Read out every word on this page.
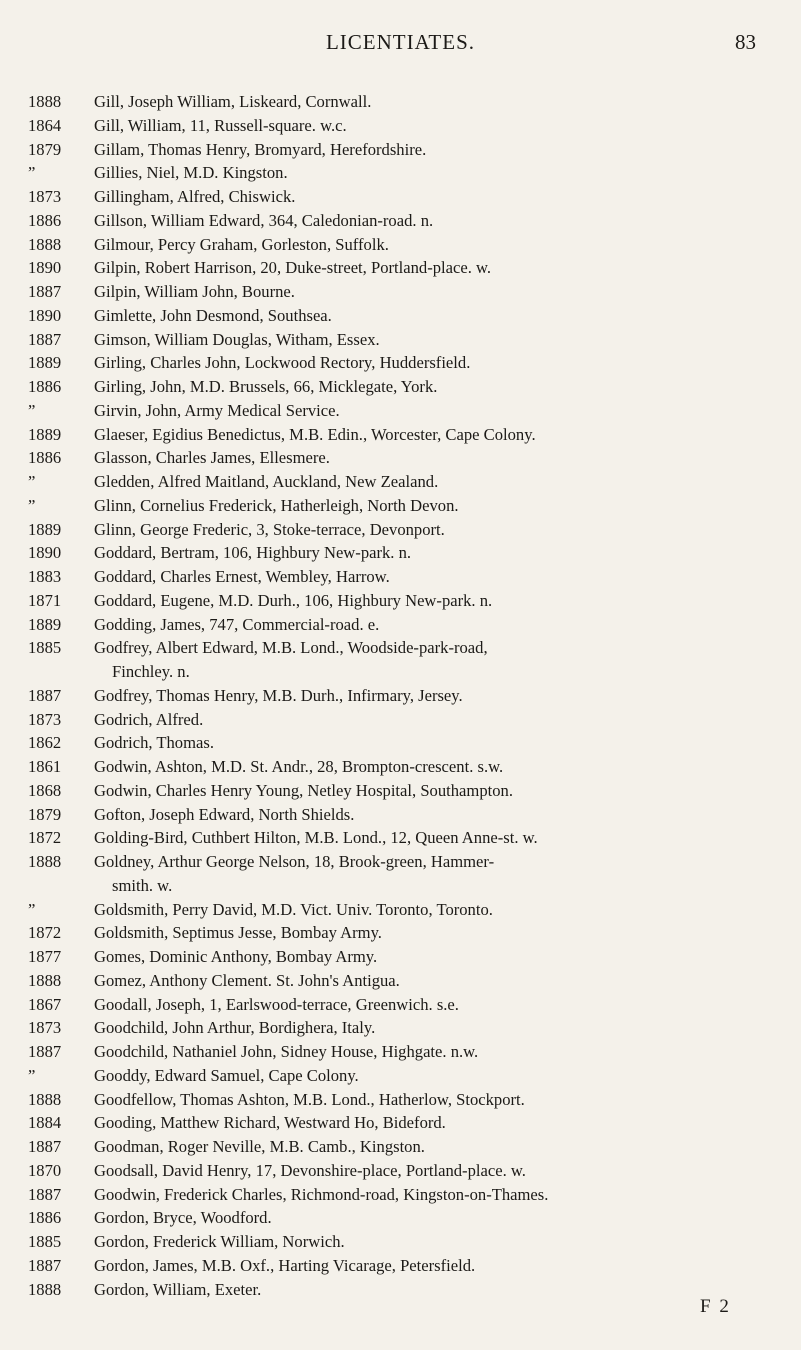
LICENTIATES.	83
1888	Gill, Joseph William, Liskeard, Cornwall.
1864	Gill, William, 11, Russell-square. w.c.
1879	Gillam, Thomas Henry, Bromyard, Herefordshire.
”	Gillies, Niel, M.D. Kingston.
1873	Gillingham, Alfred, Chiswick.
1886	Gillson, William Edward, 364, Caledonian-road. n.
1888	Gilmour, Percy Graham, Gorleston, Suffolk.
1890	Gilpin, Robert Harrison, 20, Duke-street, Portland-place. w.
1887	Gilpin, William John, Bourne.
1890	Gimlette, John Desmond, Southsea.
1887	Gimson, William Douglas, Witham, Essex.
1889	Girling, Charles John, Lockwood Rectory, Huddersfield.
1886	Girling, John, M.D. Brussels, 66, Micklegate, York.
”	Girvin, John, Army Medical Service.
1889	Glaeser, Egidius Benedictus, M.B. Edin., Worcester, Cape Colony.
1886	Glasson, Charles James, Ellesmere.
”	Gledden, Alfred Maitland, Auckland, New Zealand.
”	Glinn, Cornelius Frederick, Hatherleigh, North Devon.
1889	Glinn, George Frederic, 3, Stoke-terrace, Devonport.
1890	Goddard, Bertram, 106, Highbury New-park. n.
1883	Goddard, Charles Ernest, Wembley, Harrow.
1871	Goddard, Eugene, M.D. Durh., 106, Highbury New-park. n.
1889	Godding, James, 747, Commercial-road. e.
1885	Godfrey, Albert Edward, M.B. Lond., Woodside-park-road,
Finchley. n.
1887	Godfrey, Thomas Henry, M.B. Durh., Infirmary, Jersey.
1873	Godrich, Alfred.
1862	Godrich, Thomas.
1861	Godwin, Ashton, M.D. St. Andr., 28, Brompton-crescent. s.w.
1868	Godwin, Charles Henry Young, Netley Hospital, Southampton.
1879	Gofton, Joseph Edward, North Shields.
1872	Golding-Bird, Cuthbert Hilton, M.B. Lond., 12, Queen Anne-st. w.
1888	Goldney, Arthur George Nelson, 18, Brook-green, Hammer-
smith. w.
”	Goldsmith, Perry David, M.D. Vict. Univ. Toronto, Toronto.
1872	Goldsmith, Septimus Jesse, Bombay Army.
1877	Gomes, Dominic Anthony, Bombay Army.
1888	Gomez, Anthony Clement. St. John's Antigua.
1867	Goodall, Joseph, 1, Earlswood-terrace, Greenwich. s.e.
1873	Goodchild, John Arthur, Bordighera, Italy.
1887	Goodchild, Nathaniel John, Sidney House, Highgate. n.w.
”	Gooddy, Edward Samuel, Cape Colony.
1888	Goodfellow, Thomas Ashton, M.B. Lond., Hatherlow, Stockport.
1884	Gooding, Matthew Richard, Westward Ho, Bideford.
1887	Goodman, Roger Neville, M.B. Camb., Kingston.
1870	Goodsall, David Henry, 17, Devonshire-place, Portland-place. w.
1887	Goodwin, Frederick Charles, Richmond-road, Kingston-on-Thames.
1886	Gordon, Bryce, Woodford.
1885	Gordon, Frederick William, Norwich.
1887	Gordon, James, M.B. Oxf., Harting Vicarage, Petersfield.
1888	Gordon, William, Exeter.
F 2
